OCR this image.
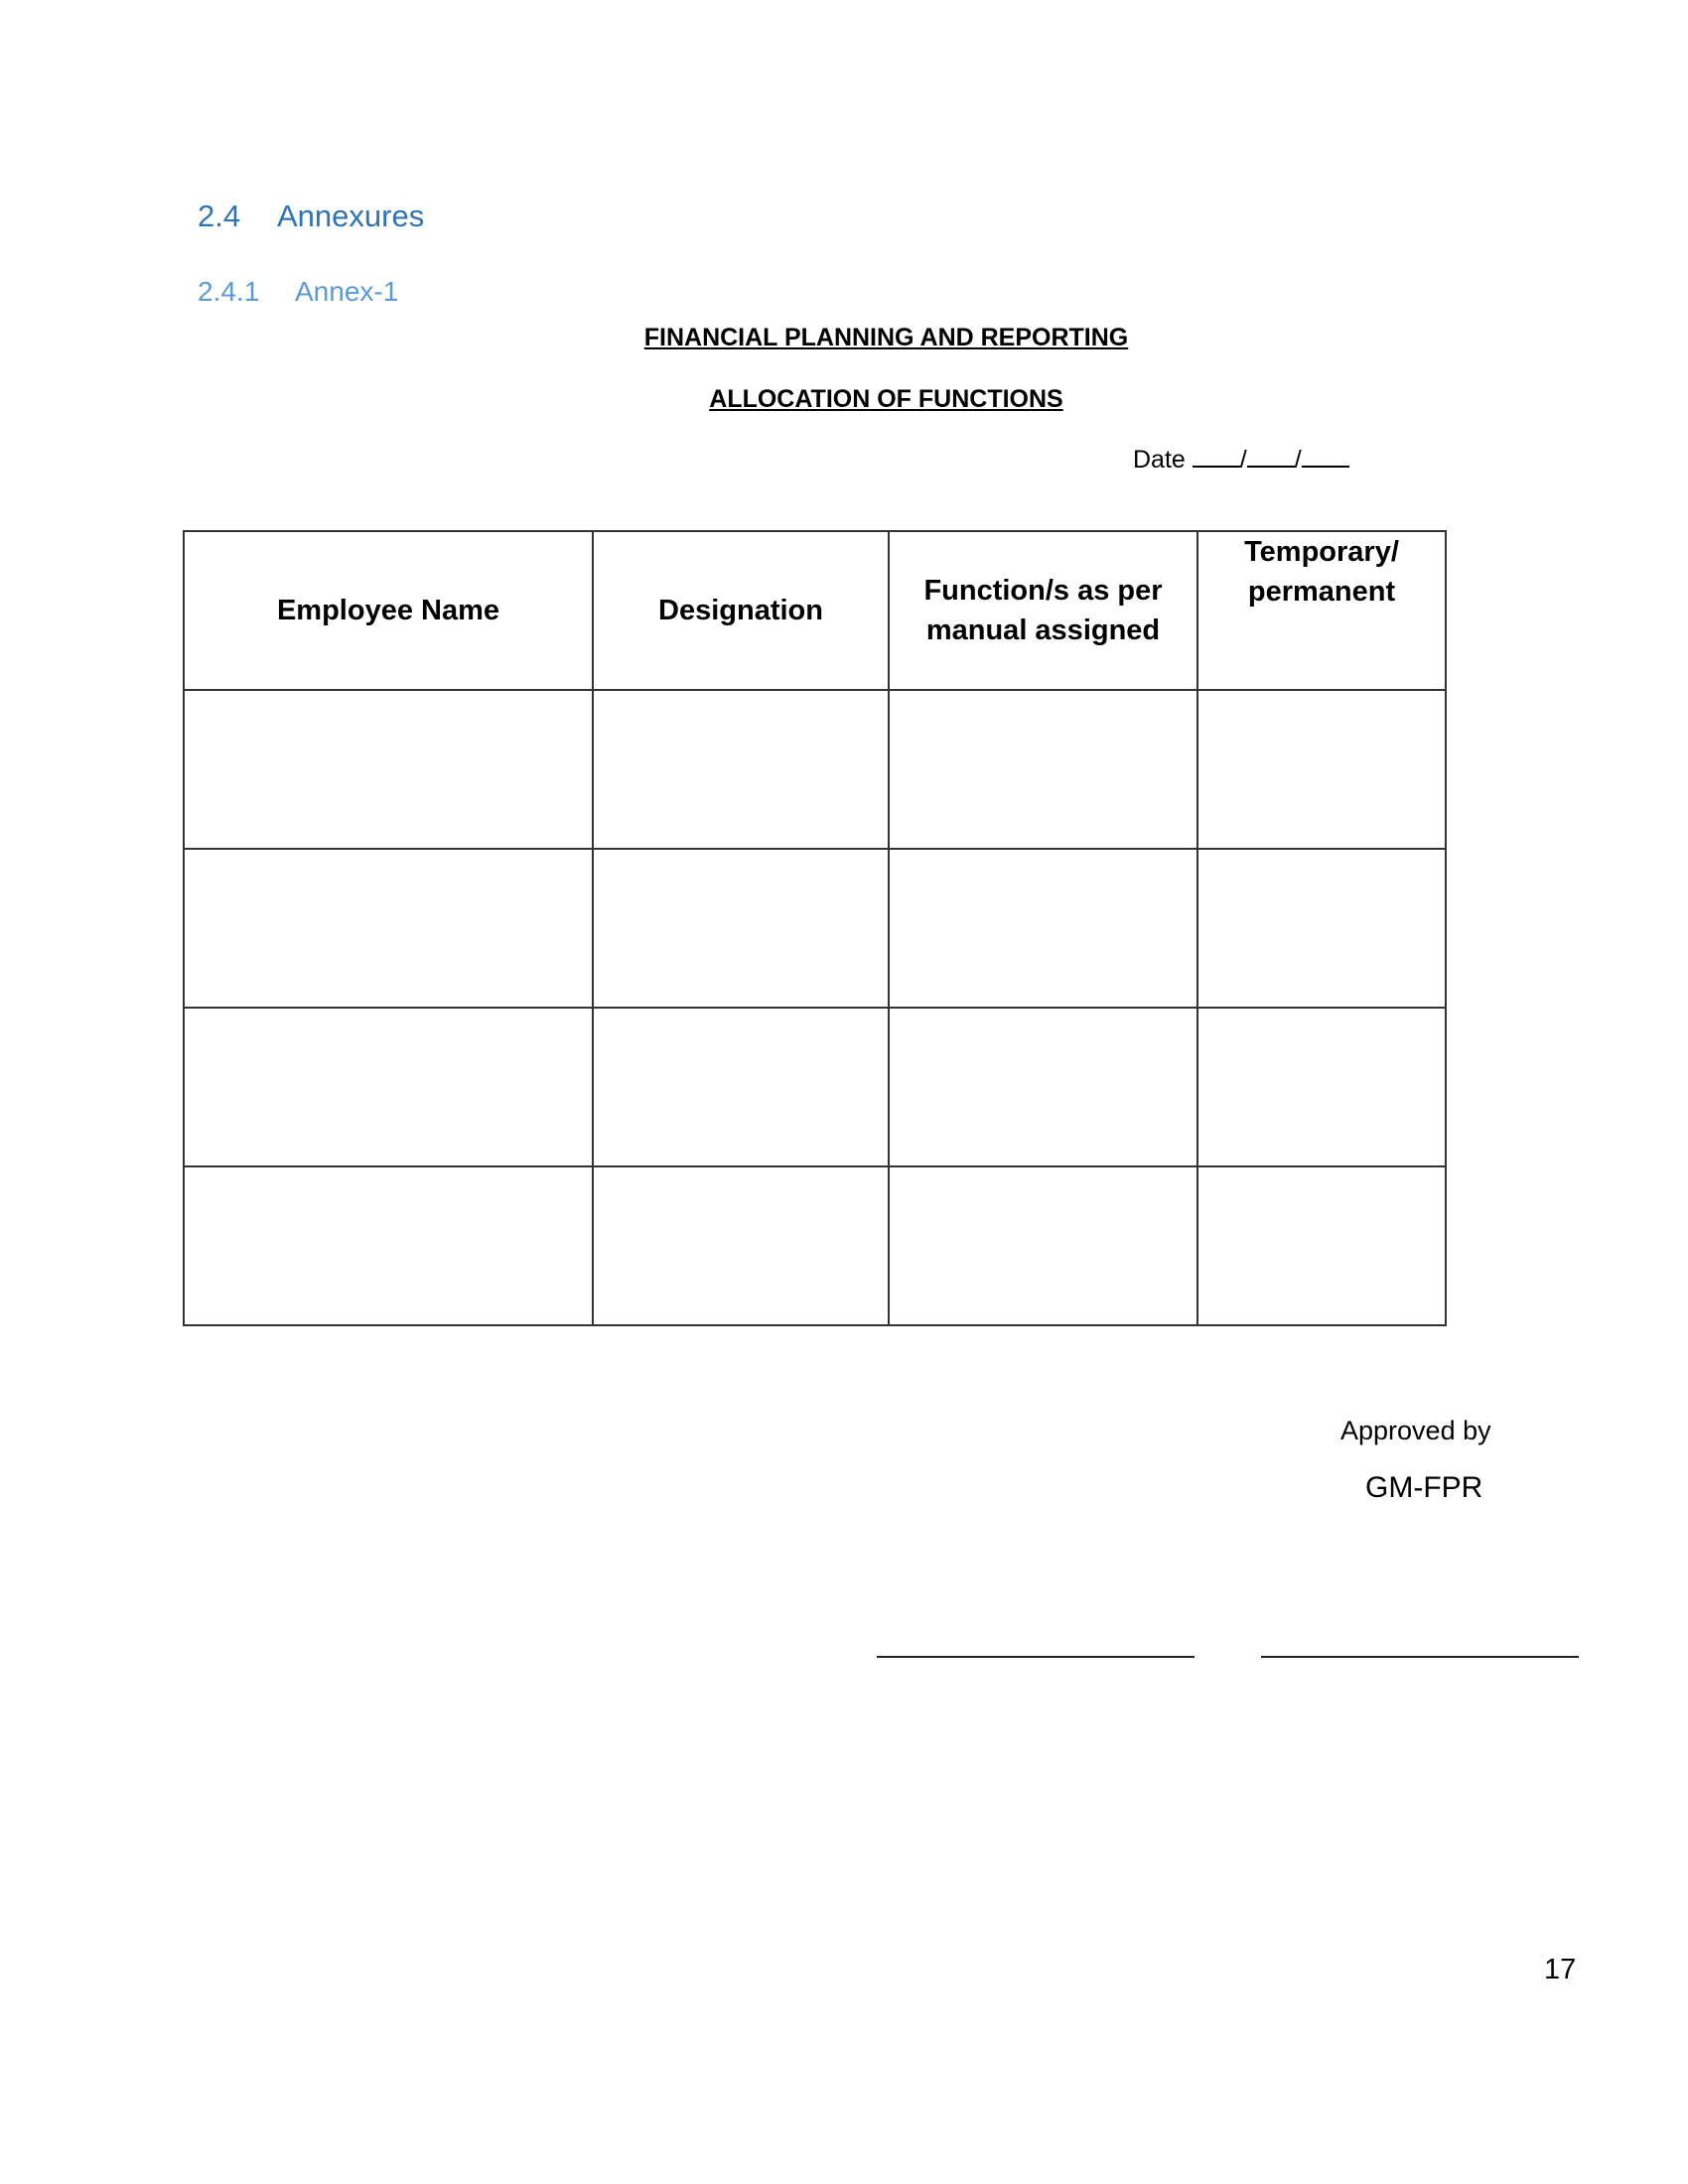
2.4 Annexures
2.4.1 Annex-1
FINANCIAL PLANNING AND REPORTING
ALLOCATION OF FUNCTIONS
Date / /
Employee Name	Designation	Function/s as per manual assigned	Temporary/ permanent

Approved by
GM-FPR
17
